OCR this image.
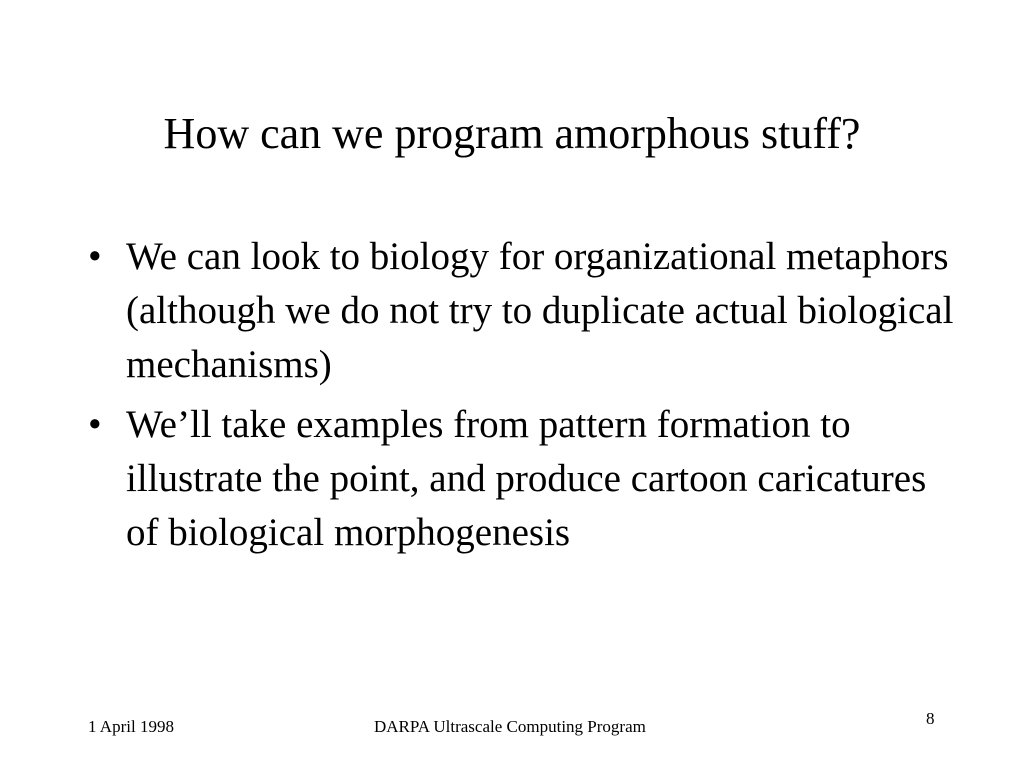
How can we program amorphous stuff?
• We can look to biology for organizational metaphors (although we do not try to duplicate actual biological mechanisms)
• We’ll take examples from pattern formation to illustrate the point, and produce cartoon caricatures of biological morphogenesis
1 April 1998	DARPA Ultrascale Computing Program	8
